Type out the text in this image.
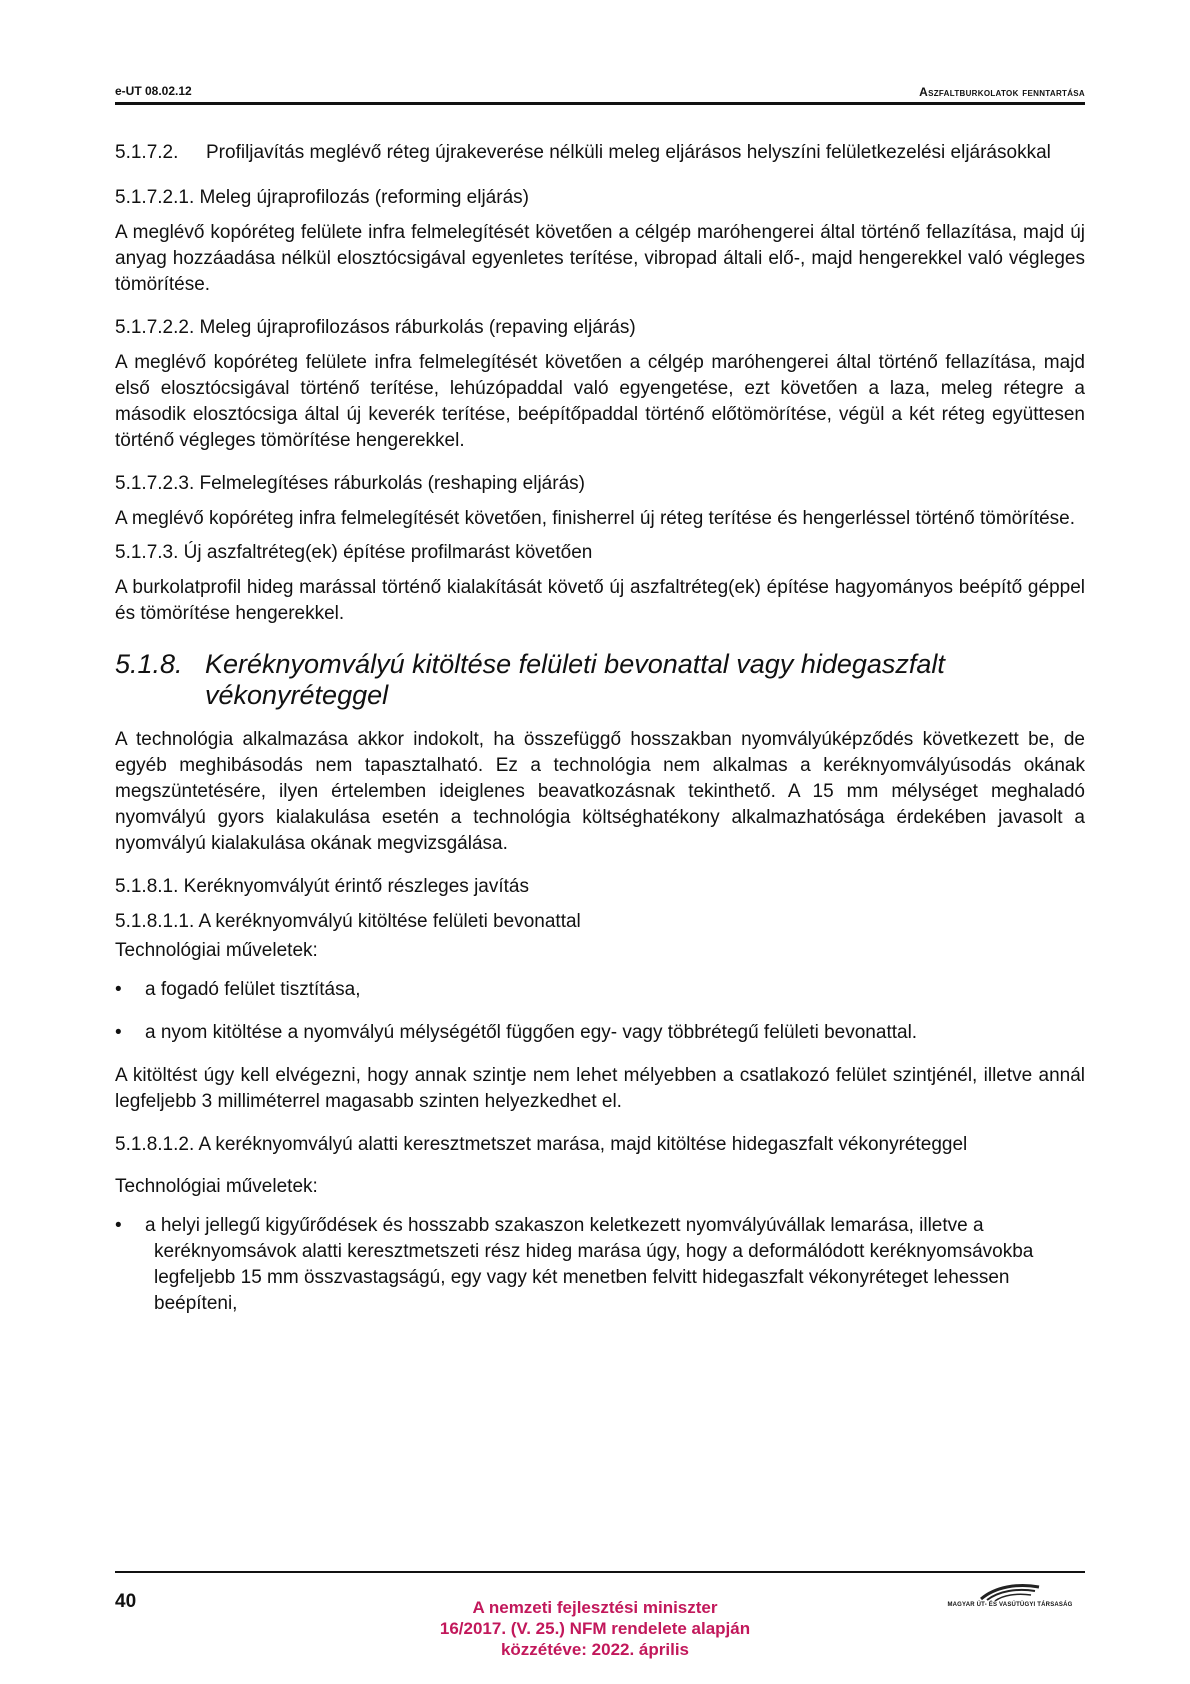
e-UT 08.02.12	Aszfaltburkolatok fenntartása
5.1.7.2.	Profiljavítás meglévő réteg újrakeverése nélküli meleg eljárásos helyszíni felületkezelési eljárásokkal
5.1.7.2.1. Meleg újraprofilozás (reforming eljárás)
A meglévő kopóréteg felülete infra felmelegítését követően a célgép maróhengerei által történő fellazítása, majd új anyag hozzáadása nélkül elosztócsigával egyenletes terítése, vibropad általi elő-, majd hengerekkel való végleges tömörítése.
5.1.7.2.2. Meleg újraprofilozásos ráburkolás (repaving eljárás)
A meglévő kopóréteg felülete infra felmelegítését követően a célgép maróhengerei által történő fellazítása, majd első elosztócsigával történő terítése, lehúzópaddal való egyengetése, ezt követően a laza, meleg rétegre a második elosztócsiga által új keverék terítése, beépítőpaddal történő előtömörítése, végül a két réteg együttesen történő végleges tömörítése hengerekkel.
5.1.7.2.3. Felmelegítéses ráburkolás (reshaping eljárás)
A meglévő kopóréteg infra felmelegítését követően, finisherrel új réteg terítése és hengerléssel történő tömörítése.
5.1.7.3. Új aszfaltréteg(ek) építése profilmarást követően
A burkolatprofil hideg marással történő kialakítását követő új aszfaltréteg(ek) építése hagyományos beépítő géppel és tömörítése hengerekkel.
5.1.8. Keréknyomvályú kitöltése felületi bevonattal vagy hidegaszfalt vékonyréteggel
A technológia alkalmazása akkor indokolt, ha összefüggő hosszakban nyomvályúképződés következett be, de egyéb meghibásodás nem tapasztalható. Ez a technológia nem alkalmas a keréknyomvályúsodás okának megszüntetésére, ilyen értelemben ideiglenes beavatkozásnak tekinthető. A 15 mm mélységet meghaladó nyomvályú gyors kialakulása esetén a technológia költséghatékony alkalmazhatósága érdekében javasolt a nyomvályú kialakulása okának megvizsgálása.
5.1.8.1. Keréknyomvályút érintő részleges javítás
5.1.8.1.1. A keréknyomvályú kitöltése felületi bevonattal
Technológiai műveletek:
• a fogadó felület tisztítása,
• a nyom kitöltése a nyomvályú mélységétől függően egy- vagy többrétegű felületi bevonattal.
A kitöltést úgy kell elvégezni, hogy annak szintje nem lehet mélyebben a csatlakozó felület szintjénél, illetve annál legfeljebb 3 milliméterrel magasabb szinten helyezkedhet el.
5.1.8.1.2. A keréknyomvályú alatti keresztmetszet marása, majd kitöltése hidegaszfalt vékonyréteggel
Technológiai műveletek:
• a helyi jellegű kigyűrődések és hosszabb szakaszon keletkezett nyomvályúvállak lemarása, illetve a keréknyomsávok alatti keresztmetszeti rész hideg marása úgy, hogy a deformálódott keréknyomsávokba legfeljebb 15 mm összvastagságú, egy vagy két menetben felvitt hidegaszfalt vékonyréteget lehessen beépíteni,
40	A nemzeti fejlesztési miniszter
16/2017. (V. 25.) NFM rendelete alapján
közzétéve: 2022. április
MAGYAR ÚT- ÉS VASÚTÜGYI TÁRSASÁG
